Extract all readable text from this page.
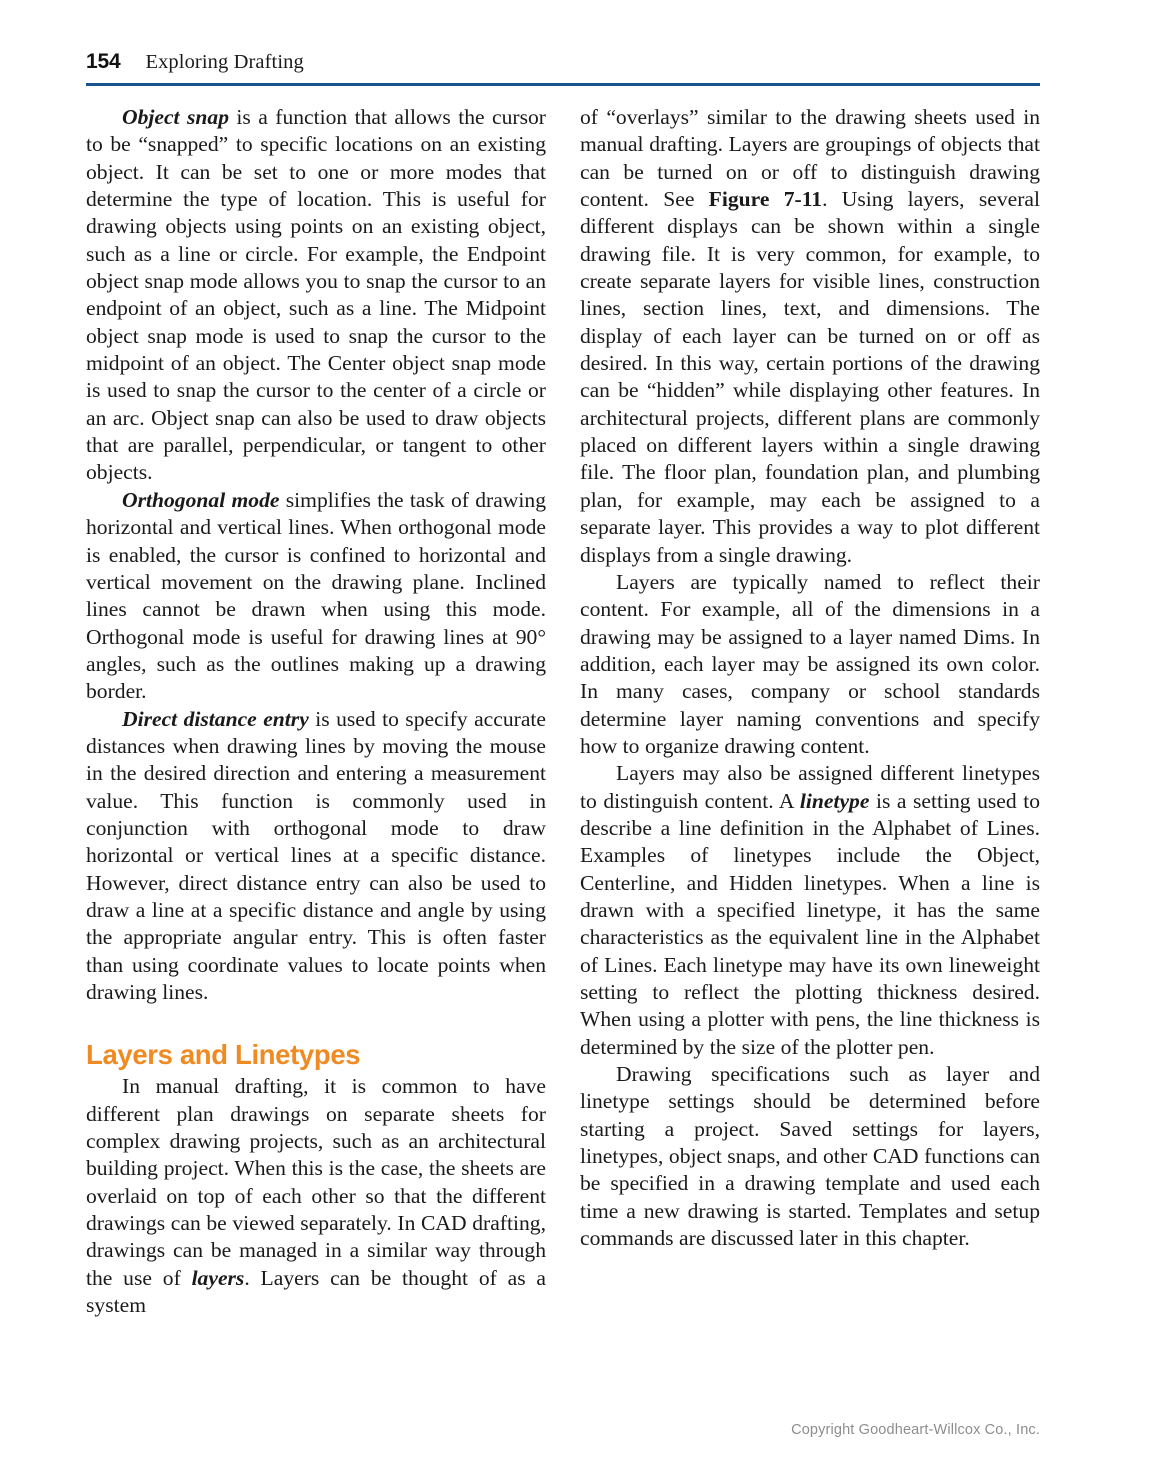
154 Exploring Drafting

Object snap is a function that allows the cursor to be “snapped” to specific locations on an existing object. It can be set to one or more modes that determine the type of location. This is useful for drawing objects using points on an existing object, such as a line or circle. For example, the Endpoint object snap mode allows you to snap the cursor to an endpoint of an object, such as a line. The Midpoint object snap mode is used to snap the cursor to the midpoint of an object. The Center object snap mode is used to snap the cursor to the center of a circle or an arc. Object snap can also be used to draw objects that are parallel, perpendicular, or tangent to other objects.

Orthogonal mode simplifies the task of drawing horizontal and vertical lines. When orthogonal mode is enabled, the cursor is confined to horizontal and vertical movement on the drawing plane. Inclined lines cannot be drawn when using this mode. Orthogonal mode is useful for drawing lines at 90° angles, such as the outlines making up a drawing border.

Direct distance entry is used to specify accurate distances when drawing lines by moving the mouse in the desired direction and entering a measurement value. This function is commonly used in conjunction with orthogonal mode to draw horizontal or vertical lines at a specific distance. However, direct distance entry can also be used to draw a line at a specific distance and angle by using the appropriate angular entry. This is often faster than using coordinate values to locate points when drawing lines.

Layers and Linetypes

In manual drafting, it is common to have different plan drawings on separate sheets for complex drawing projects, such as an architectural building project. When this is the case, the sheets are overlaid on top of each other so that the different drawings can be viewed separately. In CAD drafting, drawings can be managed in a similar way through the use of layers. Layers can be thought of as a system

of “overlays” similar to the drawing sheets used in manual drafting. Layers are groupings of objects that can be turned on or off to distinguish drawing content. See Figure 7-11. Using layers, several different displays can be shown within a single drawing file. It is very common, for example, to create separate layers for visible lines, construction lines, section lines, text, and dimensions. The display of each layer can be turned on or off as desired. In this way, certain portions of the drawing can be “hidden” while displaying other features. In architectural projects, different plans are commonly placed on different layers within a single drawing file. The floor plan, foundation plan, and plumbing plan, for example, may each be assigned to a separate layer. This provides a way to plot different displays from a single drawing.

Layers are typically named to reflect their content. For example, all of the dimensions in a drawing may be assigned to a layer named Dims. In addition, each layer may be assigned its own color. In many cases, company or school standards determine layer naming conventions and specify how to organize drawing content.

Layers may also be assigned different linetypes to distinguish content. A linetype is a setting used to describe a line definition in the Alphabet of Lines. Examples of linetypes include the Object, Centerline, and Hidden linetypes. When a line is drawn with a specified linetype, it has the same characteristics as the equivalent line in the Alphabet of Lines. Each linetype may have its own lineweight setting to reflect the plotting thickness desired. When using a plotter with pens, the line thickness is determined by the size of the plotter pen.

Drawing specifications such as layer and linetype settings should be determined before starting a project. Saved settings for layers, linetypes, object snaps, and other CAD functions can be specified in a drawing template and used each time a new drawing is started. Templates and setup commands are discussed later in this chapter.

Copyright Goodheart-Willcox Co., Inc.
